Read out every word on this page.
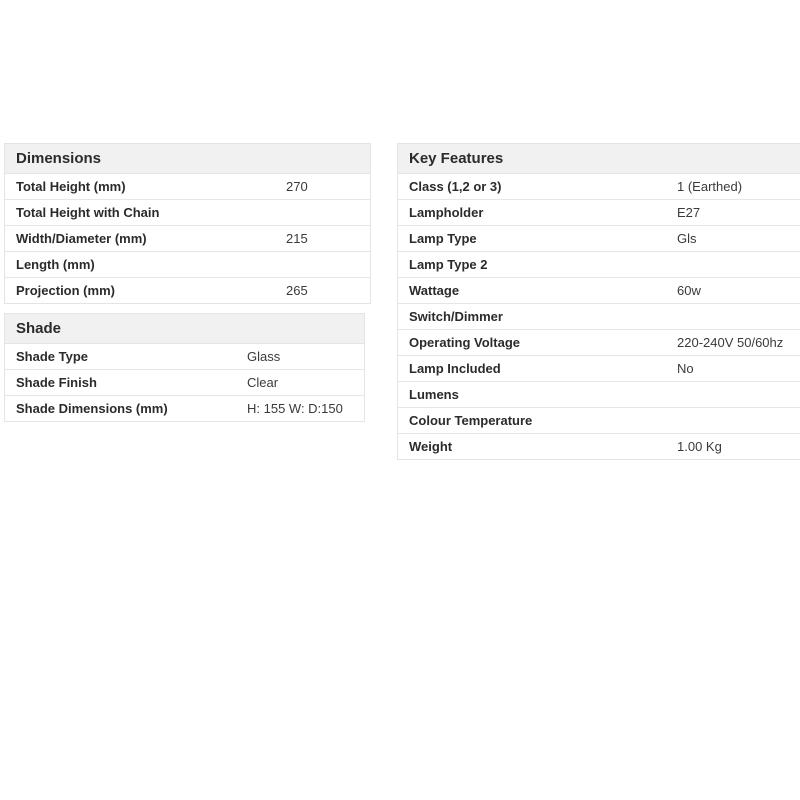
Dimensions
Total Height (mm)	270
Total Height with Chain
Width/Diameter (mm)	215
Length (mm)
Projection (mm)	265
Shade
Shade Type	Glass
Shade Finish	Clear
Shade Dimensions (mm)	H: 155 W: D:150
Key Features
Class (1,2 or 3)	1 (Earthed)
Lampholder	E27
Lamp Type	Gls
Lamp Type 2
Wattage	60w
Switch/Dimmer
Operating Voltage	220-240V 50/60hz
Lamp Included	No
Lumens
Colour Temperature
Weight	1.00 Kg
